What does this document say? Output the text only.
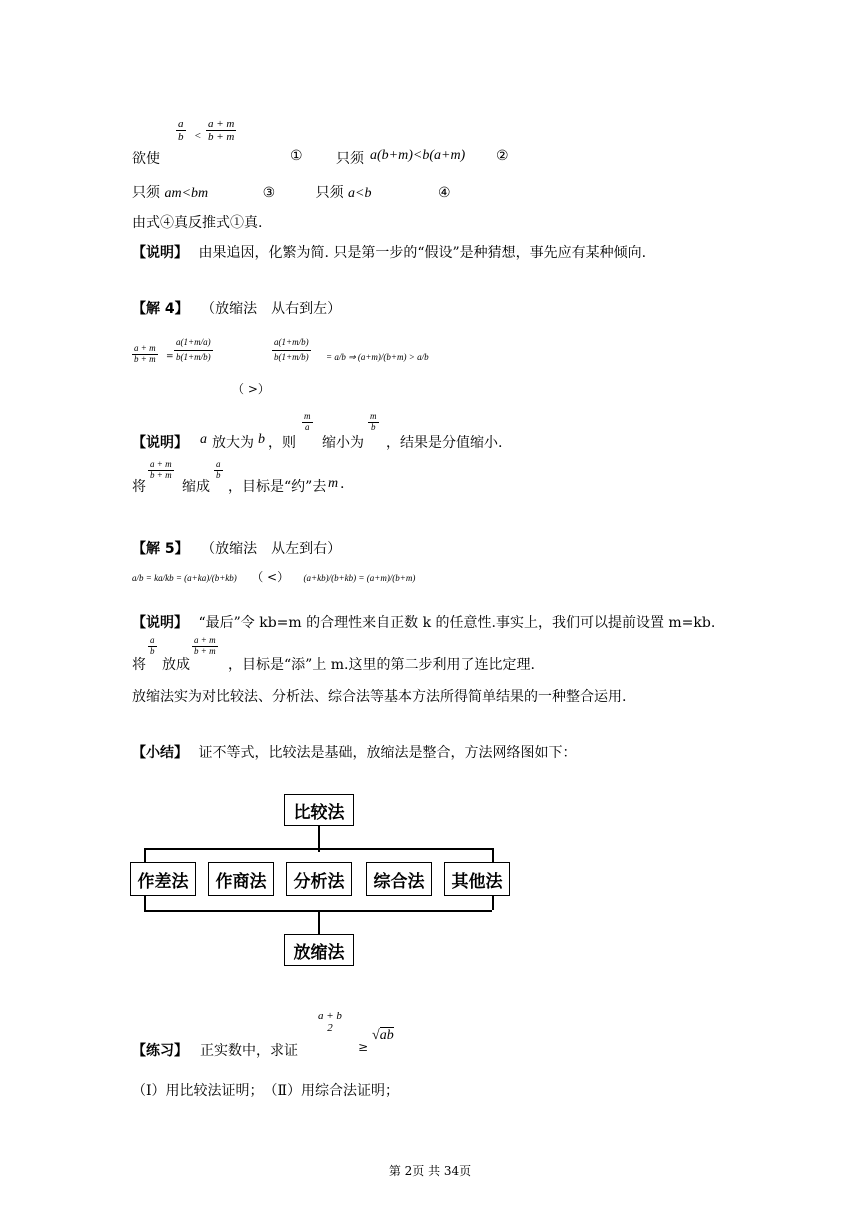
欲使
$\frac{a}{b} < \frac{a + m}{b + m}$
① 只须 a(b+m)<b(a+m) ②
只须 am<bm	③	只须 a<b	④
由式④真反推式①真.
【说明】 由果追因，化繁为简. 只是第一步的“假设”是种猜想，事先应有某种倾向.
【解 4】 （放缩法　从右到左）
$\frac{a + m}{b + m} = \frac{a(1+m/a)}{b(1+m/b)}$
（ >）
$\frac{a(1+m/b)}{b(1+m/b)} = a/b$ ⇒ (a+m)/(b+m) > a/b
【说明】 a 放大为 b ，则
$\frac{m}{a}$
缩小为
$\frac{m}{b}$
，结果是分值缩小.
将
$\frac{a + m}{b + m}$
缩成
$\frac{a}{b}$
，目标是“约”去 m .
【解 5】 （放缩法　从左到右）
a/b = ka/kb = (a+ka)/(b+kb) （ <） (a+kb)/(b+kb) = (a+m)/(b+m)
【说明】 “最后”令 kb=m 的合理性来自正数 k 的任意性.事实上，我们可以提前设置 m=kb.
将
$\frac{a}{b}$
放成
$\frac{a + m}{b + m}$
，目标是“添”上 m.这里的第二步利用了连比定理.
放缩法实为对比较法、分析法、综合法等基本方法所得简单结果的一种整合运用.
【小结】 证不等式，比较法是基础，放缩法是整合，方法网络图如下：
比较法
作差法	作商法	分析法	综合法	其他法
放缩法
【练习】 正实数中，求证
a + b
2
≥
√ab
（Ⅰ）用比较法证明；　（Ⅱ）用综合法证明；
第 2页 共 34页
